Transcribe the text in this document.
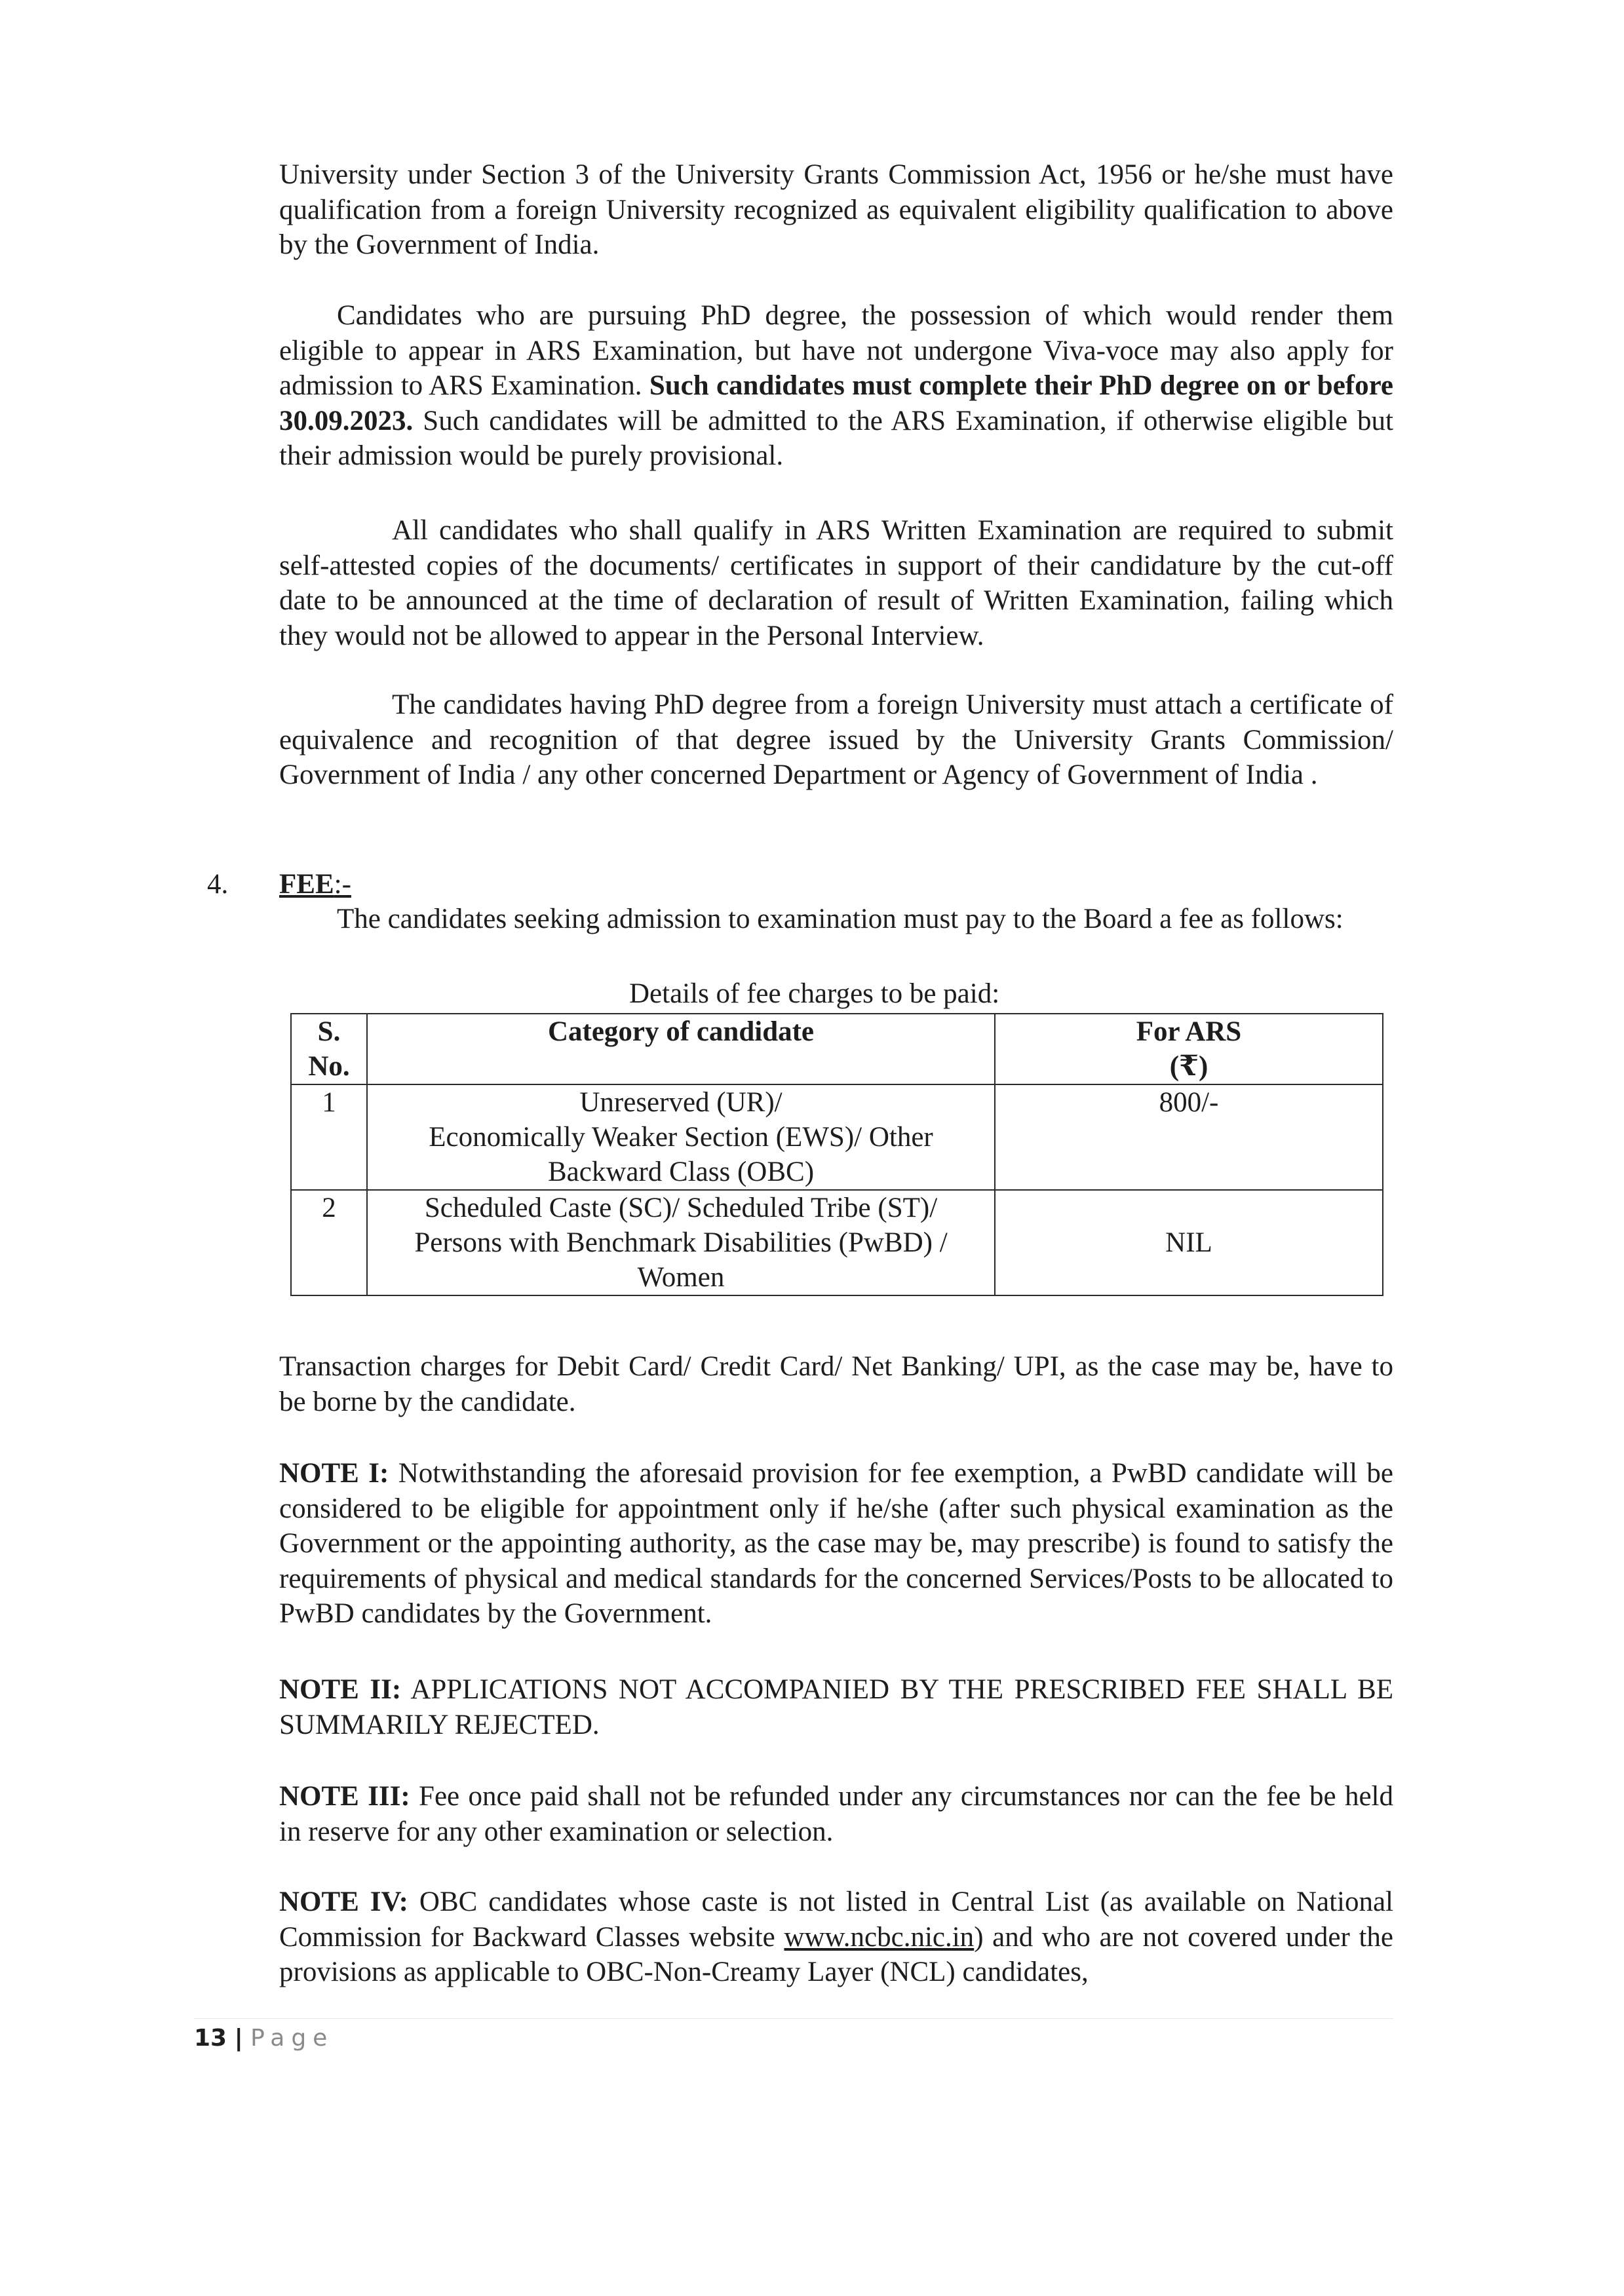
University under Section 3 of the University Grants Commission Act, 1956 or he/she must have qualification from a foreign University recognized as equivalent eligibility qualification to above by the Government of India.

Candidates who are pursuing PhD degree, the possession of which would render them eligible to appear in ARS Examination, but have not undergone Viva-voce may also apply for admission to ARS Examination. Such candidates must complete their PhD degree on or before 30.09.2023. Such candidates will be admitted to the ARS Examination, if otherwise eligible but their admission would be purely provisional.

All candidates who shall qualify in ARS Written Examination are required to submit self-attested copies of the documents/ certificates in support of their candidature by the cut-off date to be announced at the time of declaration of result of Written Examination, failing which they would not be allowed to appear in the Personal Interview.

The candidates having PhD degree from a foreign University must attach a certificate of equivalence and recognition of that degree issued by the University Grants Commission/ Government of India / any other concerned Department or Agency of Government of India .

4. FEE:-

The candidates seeking admission to examination must pay to the Board a fee as follows:

Details of fee charges to be paid:
S.
No.	Category of candidate	For ARS
(₹)
1	Unreserved (UR)/
Economically Weaker Section (EWS)/ Other
Backward Class (OBC)	800/-
2	Scheduled Caste (SC)/ Scheduled Tribe (ST)/
Persons with Benchmark Disabilities (PwBD) /
Women	NIL

Transaction charges for Debit Card/ Credit Card/ Net Banking/ UPI, as the case may be, have to be borne by the candidate.

NOTE I: Notwithstanding the aforesaid provision for fee exemption, a PwBD candidate will be considered to be eligible for appointment only if he/she (after such physical examination as the Government or the appointing authority, as the case may be, may prescribe) is found to satisfy the requirements of physical and medical standards for the concerned Services/Posts to be allocated to PwBD candidates by the Government.

NOTE II: APPLICATIONS NOT ACCOMPANIED BY THE PRESCRIBED FEE SHALL BE SUMMARILY REJECTED.

NOTE III: Fee once paid shall not be refunded under any circumstances nor can the fee be held in reserve for any other examination or selection.

NOTE IV: OBC candidates whose caste is not listed in Central List (as available on National Commission for Backward Classes website www.ncbc.nic.in) and who are not covered under the provisions as applicable to OBC-Non-Creamy Layer (NCL) candidates,

13 | Page
